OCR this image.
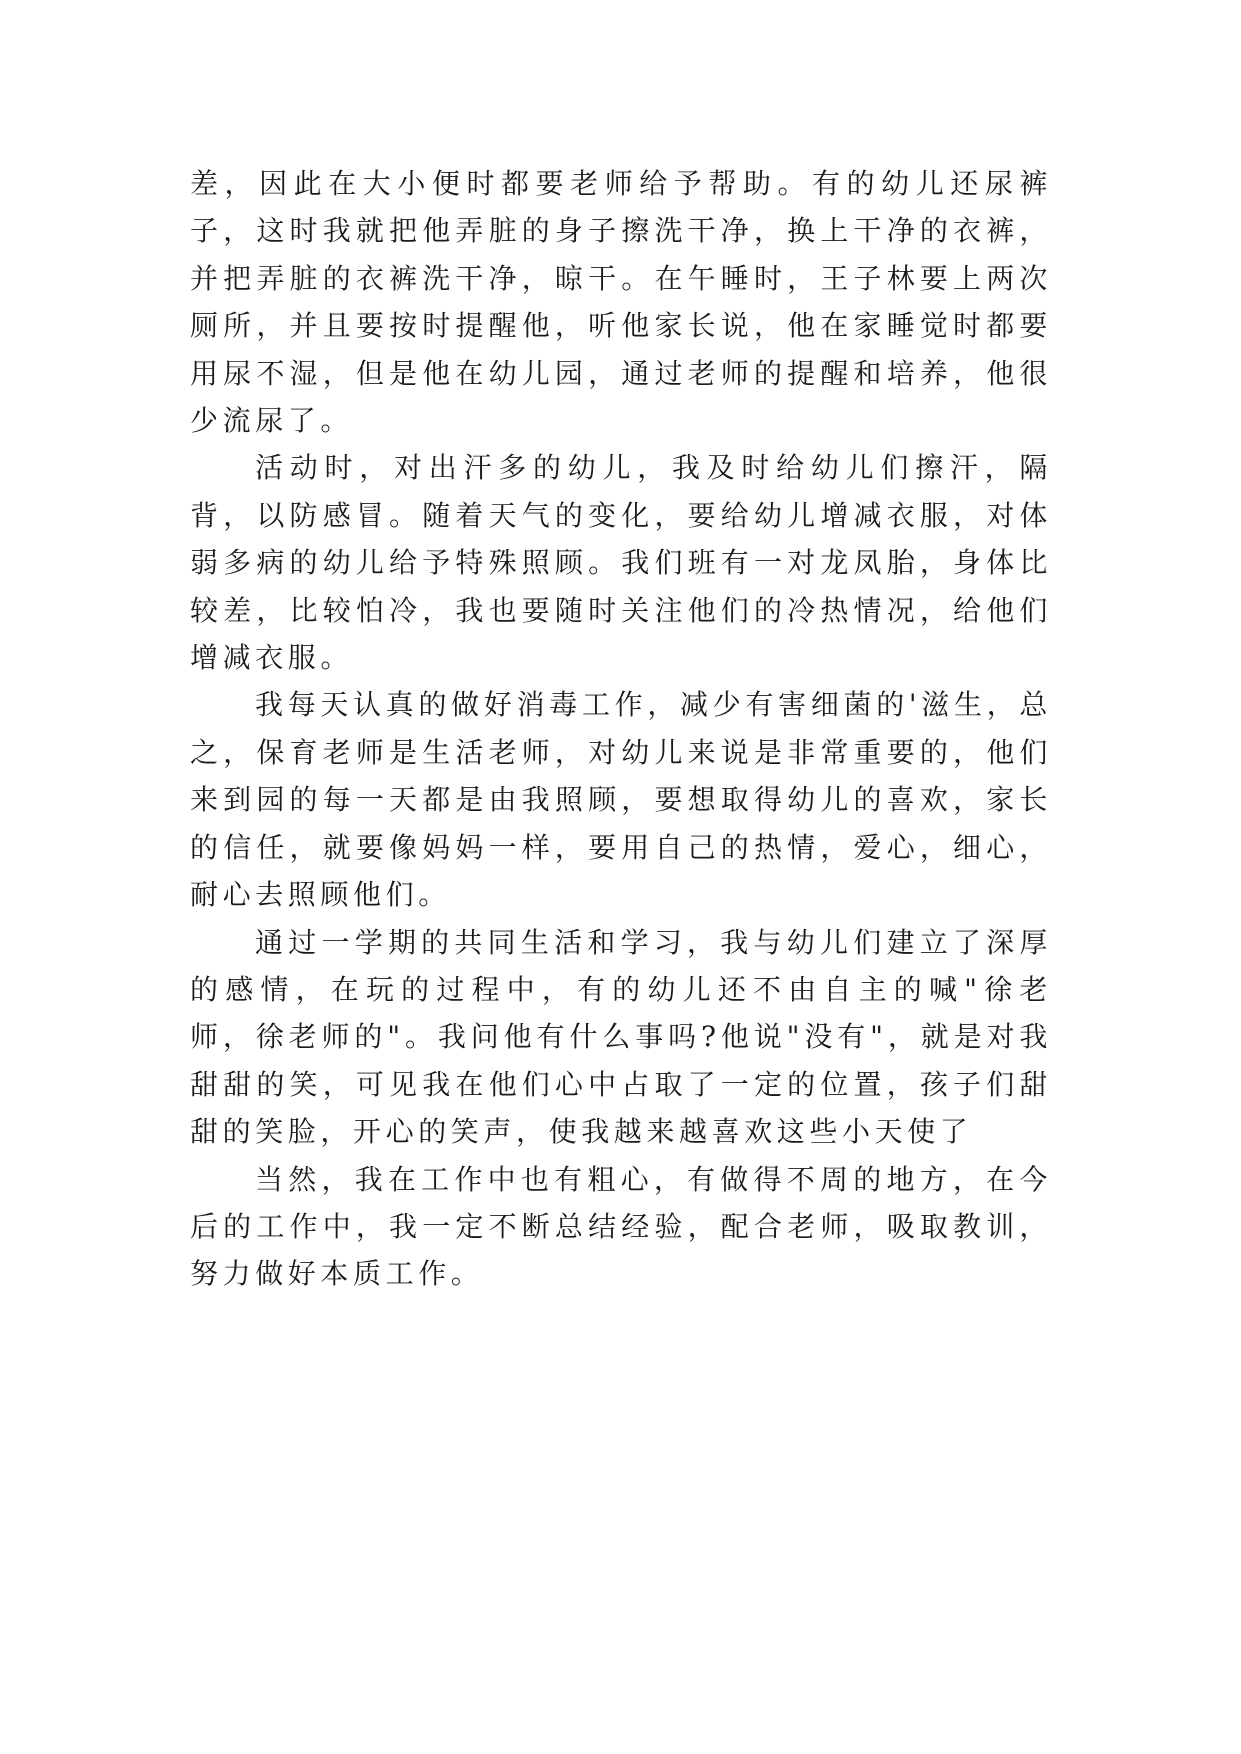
差，因此在大小便时都要老师给予帮助。有的幼儿还尿裤子，这时我就把他弄脏的身子擦洗干净，换上干净的衣裤，并把弄脏的衣裤洗干净，晾干。在午睡时，王子林要上两次厕所，并且要按时提醒他，听他家长说，他在家睡觉时都要用尿不湿，但是他在幼儿园，通过老师的提醒和培养，他很少流尿了。

活动时，对出汗多的幼儿，我及时给幼儿们擦汗，隔背，以防感冒。随着天气的变化，要给幼儿增减衣服，对体弱多病的幼儿给予特殊照顾。我们班有一对龙凤胎，身体比较差，比较怕冷，我也要随时关注他们的冷热情况，给他们增减衣服。

我每天认真的做好消毒工作，减少有害细菌的'滋生，总之，保育老师是生活老师，对幼儿来说是非常重要的，他们来到园的每一天都是由我照顾，要想取得幼儿的喜欢，家长的信任，就要像妈妈一样，要用自己的热情，爱心，细心，耐心去照顾他们。

通过一学期的共同生活和学习，我与幼儿们建立了深厚的感情，在玩的过程中，有的幼儿还不由自主的喊"徐老师，徐老师的"。我问他有什么事吗?他说"没有"，就是对我甜甜的笑，可见我在他们心中占取了一定的位置，孩子们甜甜的笑脸，开心的笑声，使我越来越喜欢这些小天使了

当然，我在工作中也有粗心，有做得不周的地方，在今后的工作中，我一定不断总结经验，配合老师，吸取教训，努力做好本质工作。
